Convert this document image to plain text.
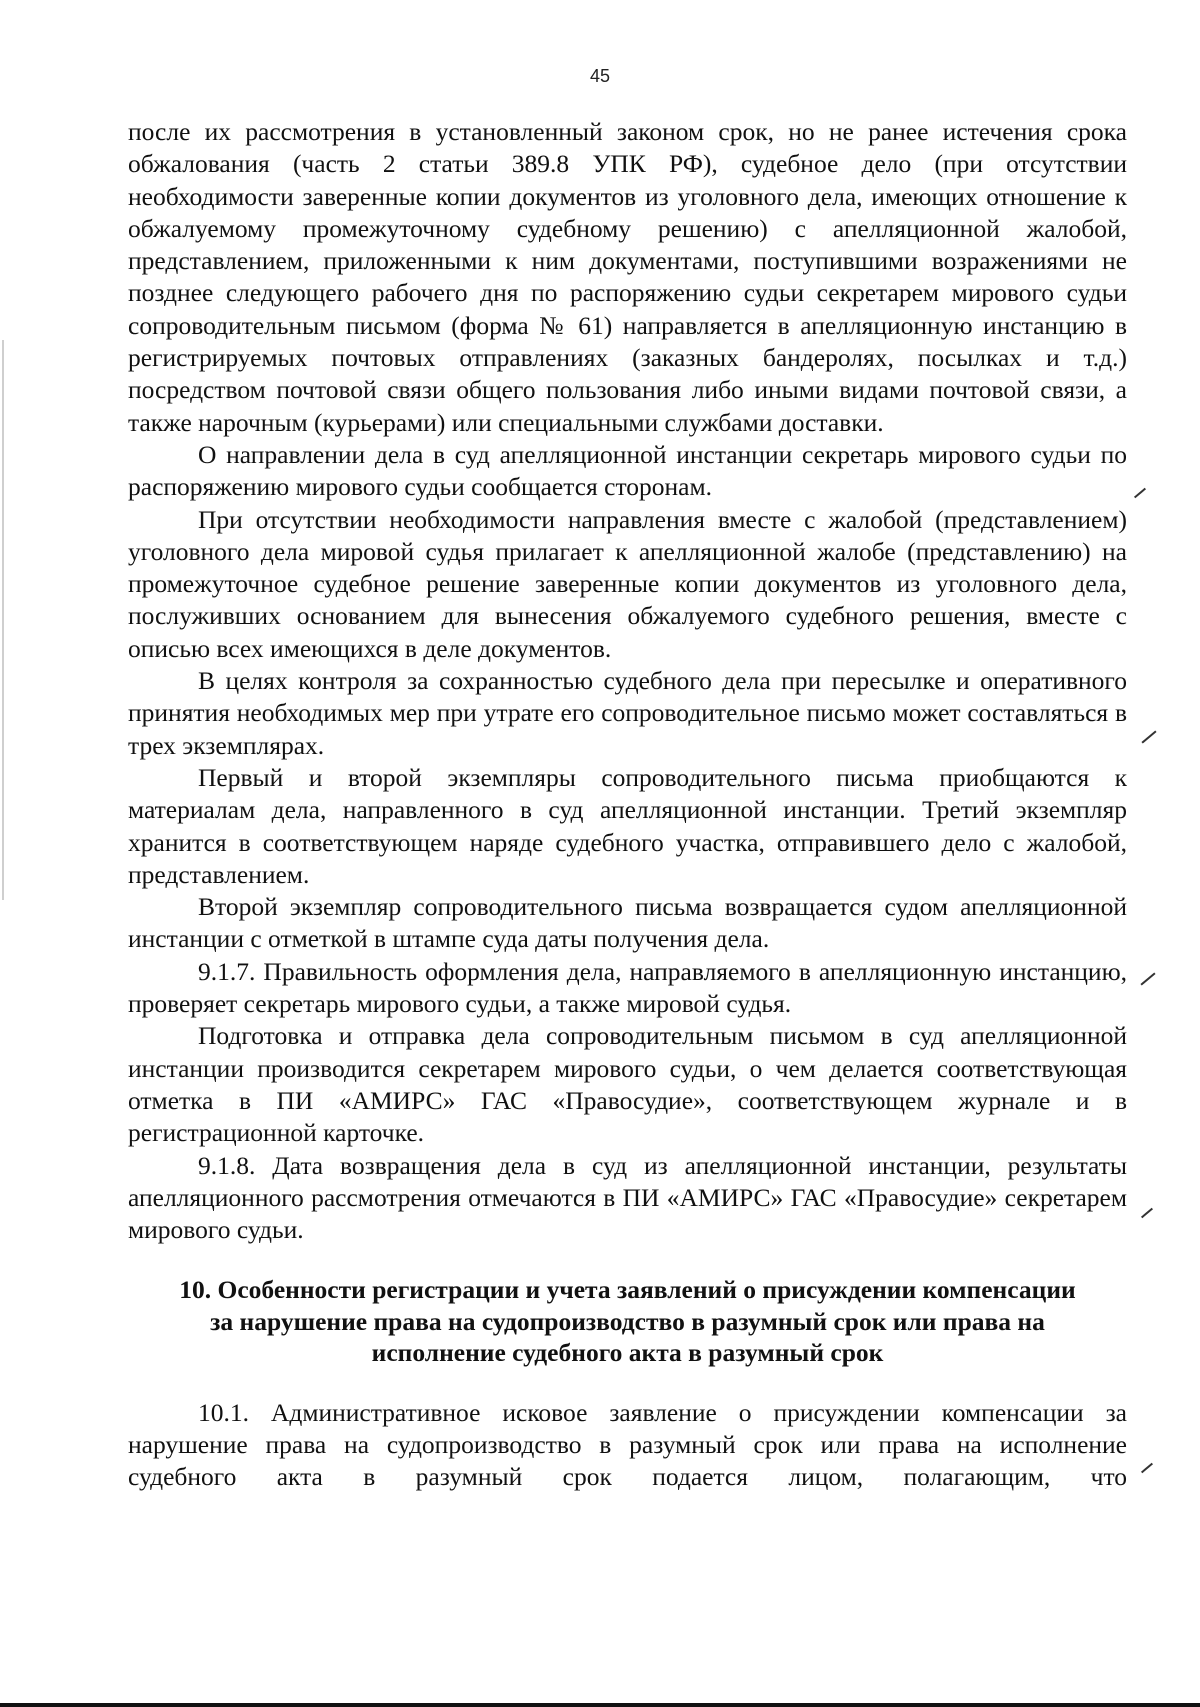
45

после их рассмотрения в установленный законом срок, но не ранее истечения срока обжалования (часть 2 статьи 389.8 УПК РФ), судебное дело (при отсутствии необходимости заверенные копии документов из уголовного дела, имеющих отношение к обжалуемому промежуточному судебному решению) с апелляционной жалобой, представлением, приложенными к ним документами, поступившими возражениями не позднее следующего рабочего дня по распоряжению судьи секретарем мирового судьи сопроводительным письмом (форма № 61) направляется в апелляционную инстанцию в регистрируемых почтовых отправлениях (заказных бандеролях, посылках и т.д.) посредством почтовой связи общего пользования либо иными видами почтовой связи, а также нарочным (курьерами) или специальными службами доставки.

О направлении дела в суд апелляционной инстанции секретарь мирового судьи по распоряжению мирового судьи сообщается сторонам.

При отсутствии необходимости направления вместе с жалобой (представлением) уголовного дела мировой судья прилагает к апелляционной жалобе (представлению) на промежуточное судебное решение заверенные копии документов из уголовного дела, послуживших основанием для вынесения обжалуемого судебного решения, вместе с описью всех имеющихся в деле документов.

В целях контроля за сохранностью судебного дела при пересылке и оперативного принятия необходимых мер при утрате его сопроводительное письмо может составляться в трех экземплярах.

Первый и второй экземпляры сопроводительного письма приобщаются к материалам дела, направленного в суд апелляционной инстанции. Третий экземпляр хранится в соответствующем наряде судебного участка, отправившего дело с жалобой, представлением.

Второй экземпляр сопроводительного письма возвращается судом апелляционной инстанции с отметкой в штампе суда даты получения дела.

9.1.7. Правильность оформления дела, направляемого в апелляционную инстанцию, проверяет секретарь мирового судьи, а также мировой судья.

Подготовка и отправка дела сопроводительным письмом в суд апелляционной инстанции производится секретарем мирового судьи, о чем делается соответствующая отметка в ПИ «АМИРС» ГАС «Правосудие», соответствующем журнале и в регистрационной карточке.

9.1.8. Дата возвращения дела в суд из апелляционной инстанции, результаты апелляционного рассмотрения отмечаются в ПИ «АМИРС» ГАС «Правосудие» секретарем мирового судьи.

10. Особенности регистрации и учета заявлений о присуждении компенсации
за нарушение права на судопроизводство в разумный срок или права на
исполнение судебного акта в разумный срок

10.1. Административное исковое заявление о присуждении компенсации за нарушение права на судопроизводство в разумный срок или права на исполнение судебного акта в разумный срок подается лицом, полагающим, что
